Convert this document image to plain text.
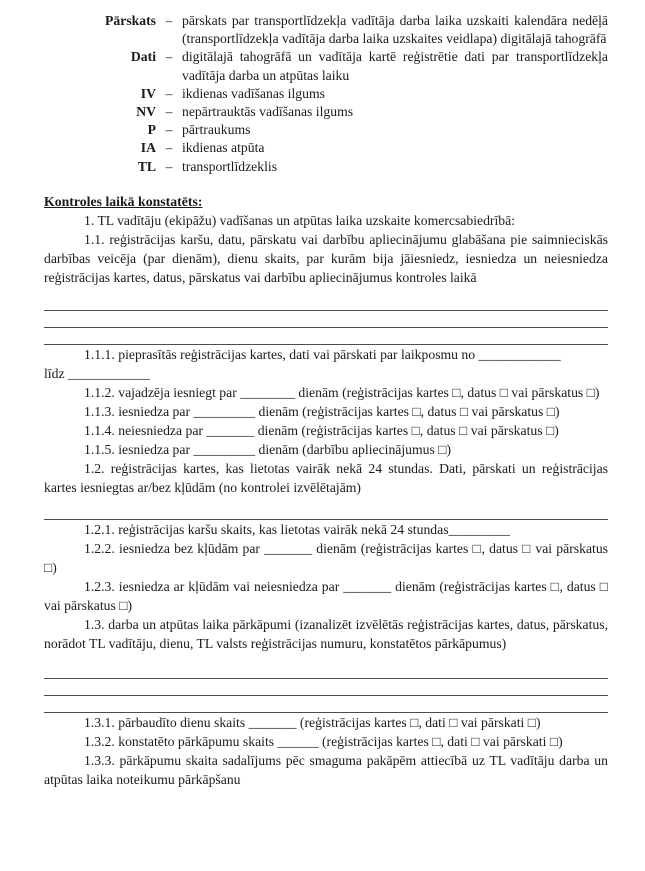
Pārskats – pārskats par transportlīdzekļa vadītāja darba laika uzskaiti kalendāra nedēļā (transportlīdzekļa vadītāja darba laika uzskaites veidlapa) digitālajā tahogrāfā
Dati – digitālajā tahogrāfā un vadītāja kartē reģistrētie dati par transportlīdzekļa vadītāja darba un atpūtas laiku
IV – ikdienas vadīšanas ilgums
NV – nepārtrauktās vadīšanas ilgums
P – pārtraukums
IA – ikdienas atpūta
TL – transportlīdzeklis
Kontroles laikā konstatēts:

1. TL vadītāju (ekipāžu) vadīšanas un atpūtas laika uzskaite komercsabiedrībā:

1.1. reģistrācijas karšu, datu, pārskatu vai darbību apliecinājumu glabāšana pie saimnieciskās darbības veicēja (par dienām), dienu skaits, par kurām bija jāiesniedz, iesniedza un neiesniedza reģistrācijas kartes, datus, pārskatus vai darbību apliecinājumus kontroles laikā

1.1.1. pieprasītās reģistrācijas kartes, dati vai pārskati par laikposmu no ____________

līdz ____________

1.1.2. vajadzēja iesniegt par ________ dienām (reģistrācijas kartes □, datus □ vai pārskatus □)

1.1.3. iesniedza par _________ dienām (reģistrācijas kartes □, datus □ vai pārskatus □)

1.1.4. neiesniedza par _______ dienām (reģistrācijas kartes □, datus □ vai pārskatus □)

1.1.5. iesniedza par _________ dienām (darbību apliecinājumus □)

1.2. reģistrācijas kartes, kas lietotas vairāk nekā 24 stundas. Dati, pārskati un reģistrācijas kartes iesniegtas ar/bez kļūdām (no kontrolei izvēlētajām)

1.2.1. reģistrācijas karšu skaits, kas lietotas vairāk nekā 24 stundas_________

1.2.2. iesniedza bez kļūdām par _______ dienām (reģistrācijas kartes □, datus □ vai pārskatus □)

1.2.3. iesniedza ar kļūdām vai neiesniedza par _______ dienām (reģistrācijas kartes □, datus □ vai pārskatus □)

1.3. darba un atpūtas laika pārkāpumi (izanalizēt izvēlētās reģistrācijas kartes, datus, pārskatus, norādot TL vadītāju, dienu, TL valsts reģistrācijas numuru, konstatētos pārkāpumus)

1.3.1. pārbaudīto dienu skaits _______ (reģistrācijas kartes □, dati □ vai pārskati □)

1.3.2. konstatēto pārkāpumu skaits ______ (reģistrācijas kartes □, dati □ vai pārskati □)

1.3.3. pārkāpumu skaita sadalījums pēc smaguma pakāpēm attiecībā uz TL vadītāju darba un atpūtas laika noteikumu pārkāpšanu
